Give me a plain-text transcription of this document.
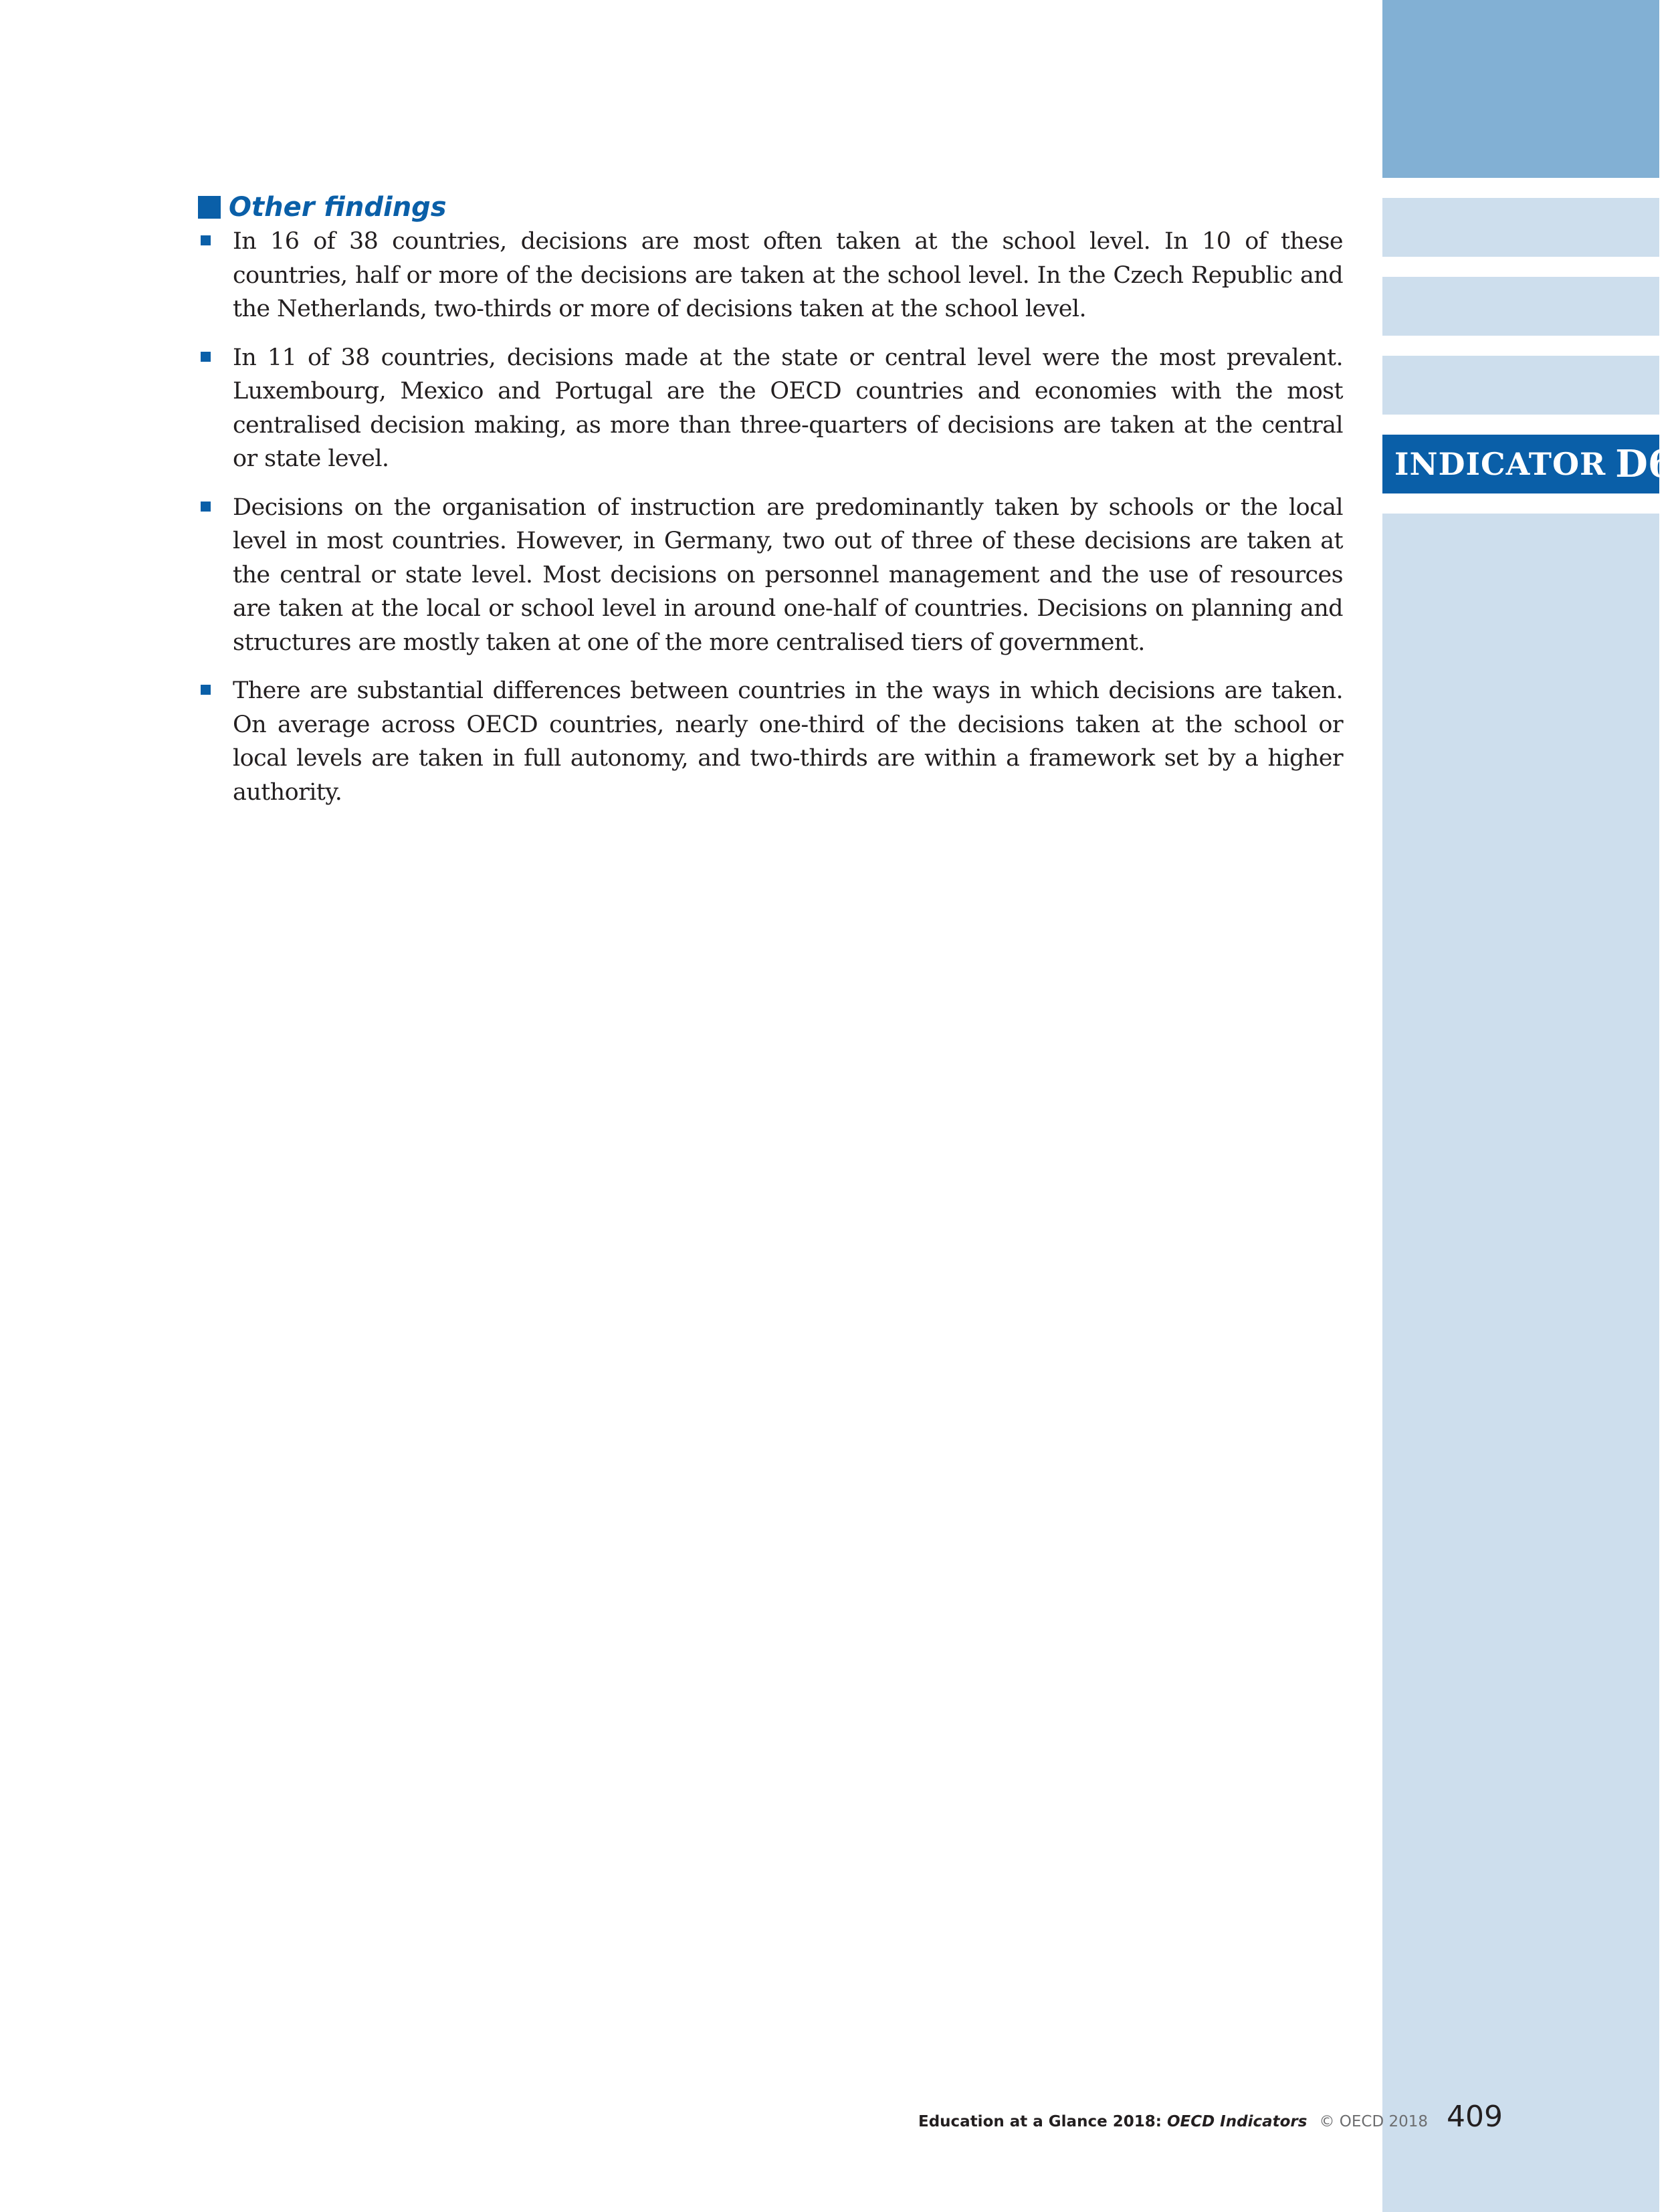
INDICATOR D6
Other findings
In 16 of 38 countries, decisions are most often taken at the school level. In 10 of these countries, half or more of the decisions are taken at the school level. In the Czech Republic and the Netherlands, two-thirds or more of decisions taken at the school level.
In 11 of 38 countries, decisions made at the state or central level were the most prevalent. Luxembourg, Mexico and Portugal are the OECD countries and economies with the most centralised decision making, as more than three-quarters of decisions are taken at the central or state level.
Decisions on the organisation of instruction are predominantly taken by schools or the local level in most countries. However, in Germany, two out of three of these decisions are taken at the central or state level. Most decisions on personnel management and the use of resources are taken at the local or school level in around one-half of countries. Decisions on planning and structures are mostly taken at one of the more centralised tiers of government.
There are substantial differences between countries in the ways in which decisions are taken. On average across OECD countries, nearly one-third of the decisions taken at the school or local levels are taken in full autonomy, and two-thirds are within a framework set by a higher authority.
Education at a Glance 2018: OECD Indicators © OECD 2018 409
